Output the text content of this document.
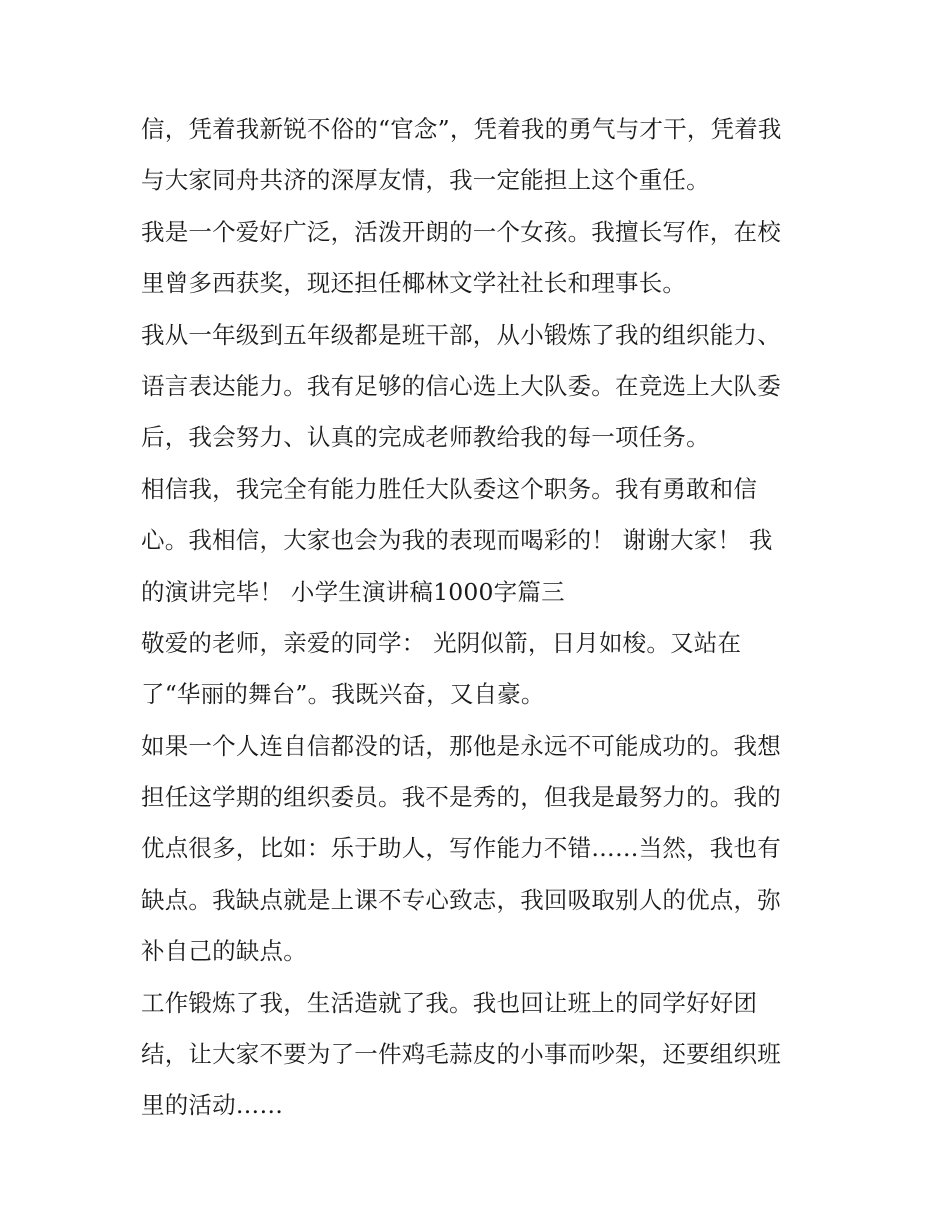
信，凭着我新锐不俗的“官念”，凭着我的勇气与才干，凭着我
与大家同舟共济的深厚友情，我一定能担上这个重任。
我是一个爱好广泛，活泼开朗的一个女孩。我擅长写作，在校
里曾多西获奖，现还担任椰林文学社社长和理事长。
我从一年级到五年级都是班干部，从小锻炼了我的组织能力、
语言表达能力。我有足够的信心选上大队委。在竞选上大队委
后，我会努力、认真的完成老师教给我的每一项任务。
相信我，我完全有能力胜任大队委这个职务。我有勇敢和信
心。我相信，大家也会为我的表现而喝彩的！ 谢谢大家！ 我
的演讲完毕！ 小学生演讲稿1000字篇三
敬爱的老师，亲爱的同学： 光阴似箭，日月如梭。又站在
了“华丽的舞台”。我既兴奋，又自豪。
如果一个人连自信都没的话，那他是永远不可能成功的。我想
担任这学期的组织委员。我不是秀的，但我是最努力的。我的
优点很多，比如：乐于助人，写作能力不错……当然，我也有
缺点。我缺点就是上课不专心致志，我回吸取别人的优点，弥
补自己的缺点。
工作锻炼了我，生活造就了我。我也回让班上的同学好好团
结，让大家不要为了一件鸡毛蒜皮的小事而吵架，还要组织班
里的活动……
